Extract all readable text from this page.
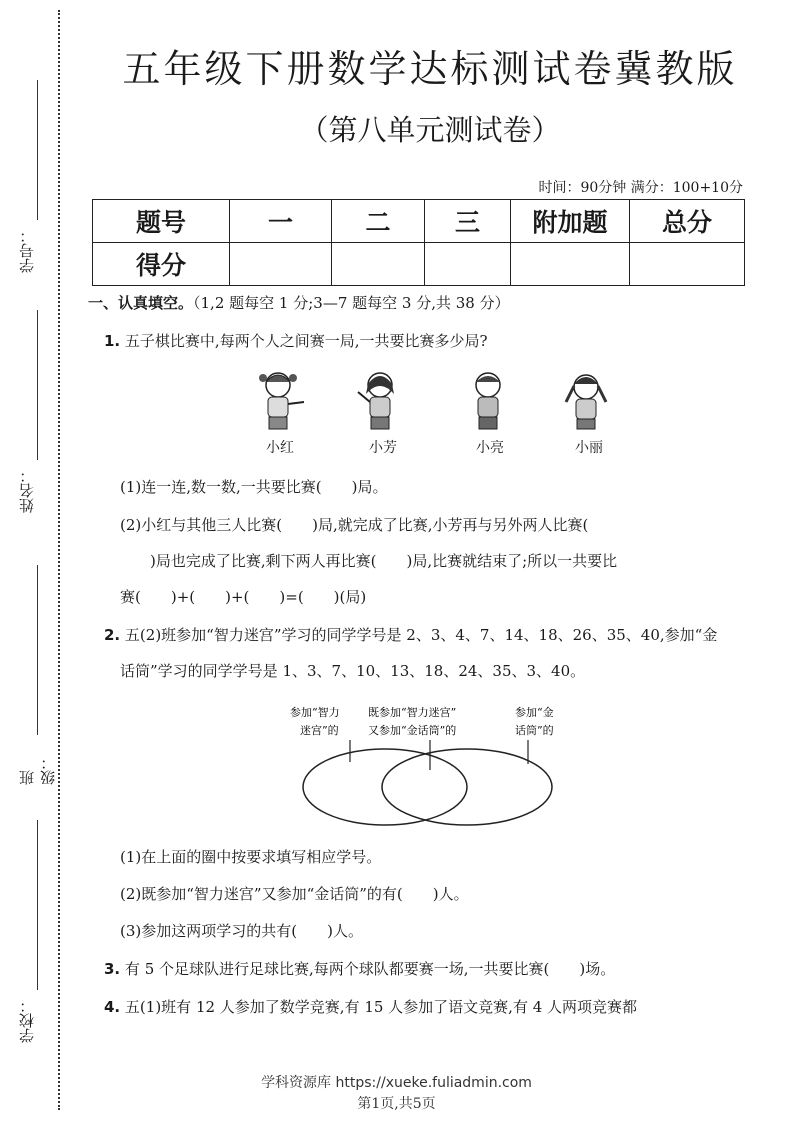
学号：
姓名：
班级：
学校：
五年级下册数学达标测试卷冀教版
（第八单元测试卷）
时间：90分钟 满分：100+10分
题号	一	二	三	附加题	总分
得分					
一、认真填空。（1,2 题每空 1 分;3—7 题每空 3 分,共 38 分）
1. 五子棋比赛中,每两个人之间赛一局,一共要比赛多少局?
小红	小芳	小亮	小丽
(1)连一连,数一数,一共要比赛(　　)局。
(2)小红与其他三人比赛(　　)局,就完成了比赛,小芳再与另外两人比赛(
　　)局也完成了比赛,剩下两人再比赛(　　)局,比赛就结束了;所以一共要比
赛(　　)+(　　)+(　　)=(　　)(局)
2. 五(2)班参加“智力迷宫”学习的同学学号是 2、3、4、7、14、18、26、35、40,参加“金
话筒”学习的同学学号是 1、3、7、10、13、18、24、35、3、40。
参加“智力
迷宫”的
既参加“智力迷宫”
又参加“金话筒”的
参加“金
话筒”的
(1)在上面的圈中按要求填写相应学号。
(2)既参加“智力迷宫”又参加“金话筒”的有(　　)人。
(3)参加这两项学习的共有(　　)人。
3. 有 5 个足球队进行足球比赛,每两个球队都要赛一场,一共要比赛(　　)场。
4. 五(1)班有 12 人参加了数学竞赛,有 15 人参加了语文竞赛,有 4 人两项竞赛都
学科资源库 https://xueke.fuliadmin.com
第1页,共5页
